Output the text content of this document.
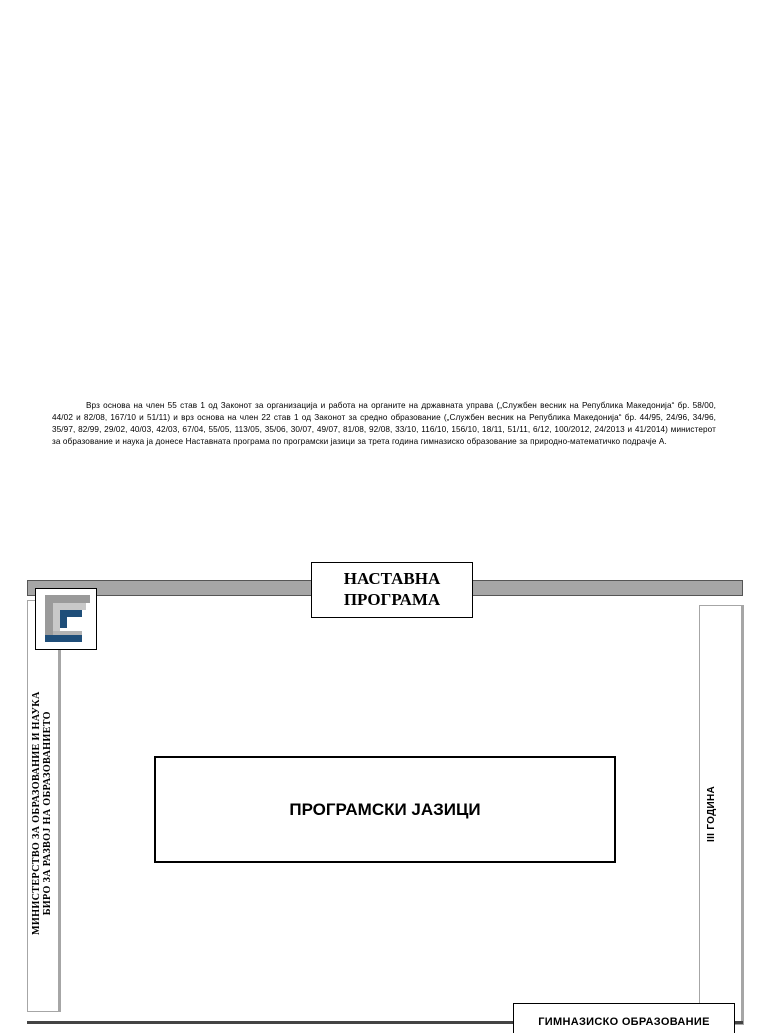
Врз основа на член 55 став 1 од Законот за организација и работа на органите на државната управа („Службен весник на Република Македонија“ бр. 58/00, 44/02 и 82/08, 167/10 и 51/11) и врз основа на член 22 став 1 од Законот за средно образование („Службен весник на Република Македонија“ бр. 44/95, 24/96, 34/96, 35/97, 82/99, 29/02, 40/03, 42/03, 67/04, 55/05, 113/05, 35/06, 30/07, 49/07, 81/08, 92/08, 33/10, 116/10, 156/10, 18/11, 51/11, 6/12, 100/2012, 24/2013 и 41/2014) министерот за образование и наука ја донесе Наставната програма по програмски јазици за трета година гимназиско образование за природно-математичко подрачје А.

НАСТАВНА
ПРОГРАМА
МИНИСТЕРСТВО ЗА ОБРАЗОВАНИЕ И НАУКА БИРО ЗА РАЗВОЈ НА ОБРАЗОВАНИЕТО	ПРОГРАМСКИ ЈАЗИЦИ	III ГОДИНА
ГИМНАЗИСКО ОБРАЗОВАНИЕ
